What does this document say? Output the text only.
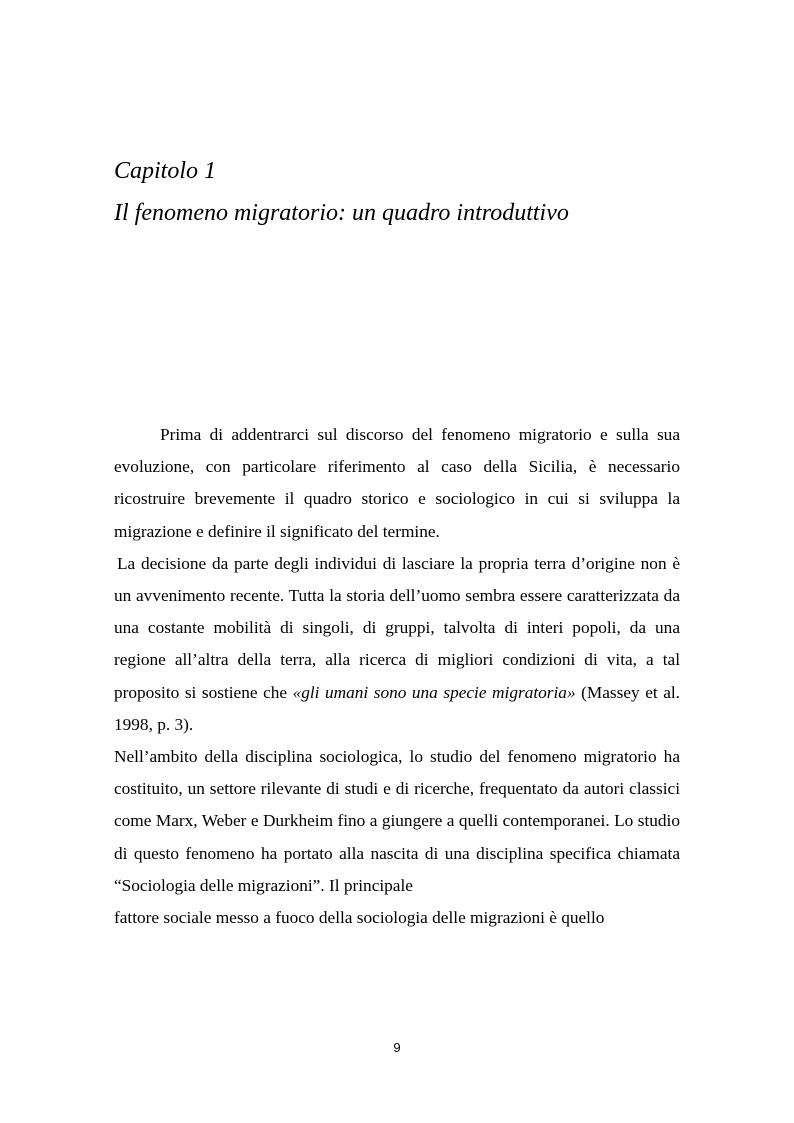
Capitolo 1
Il fenomeno migratorio: un quadro introduttivo

Prima di addentrarci sul discorso del fenomeno migratorio e sulla sua evoluzione, con particolare riferimento al caso della Sicilia, è necessario ricostruire brevemente il quadro storico e sociologico in cui si sviluppa la migrazione e definire il significato del termine.

La decisione da parte degli individui di lasciare la propria terra d’origine non è un avvenimento recente. Tutta la storia dell’uomo sembra essere caratterizzata da una costante mobilità di singoli, di gruppi, talvolta di interi popoli, da una regione all’altra della terra, alla ricerca di migliori condizioni di vita, a tal proposito si sostiene che «gli umani sono una specie migratoria» (Massey et al. 1998, p. 3).

Nell’ambito della disciplina sociologica, lo studio del fenomeno migratorio ha costituito, un settore rilevante di studi e di ricerche, frequentato da autori classici come Marx, Weber e Durkheim fino a giungere a quelli contemporanei. Lo studio di questo fenomeno ha portato alla nascita di una disciplina specifica chiamata “Sociologia delle migrazioni”. Il principale

fattore sociale messo a fuoco della sociologia delle migrazioni è quello

9
